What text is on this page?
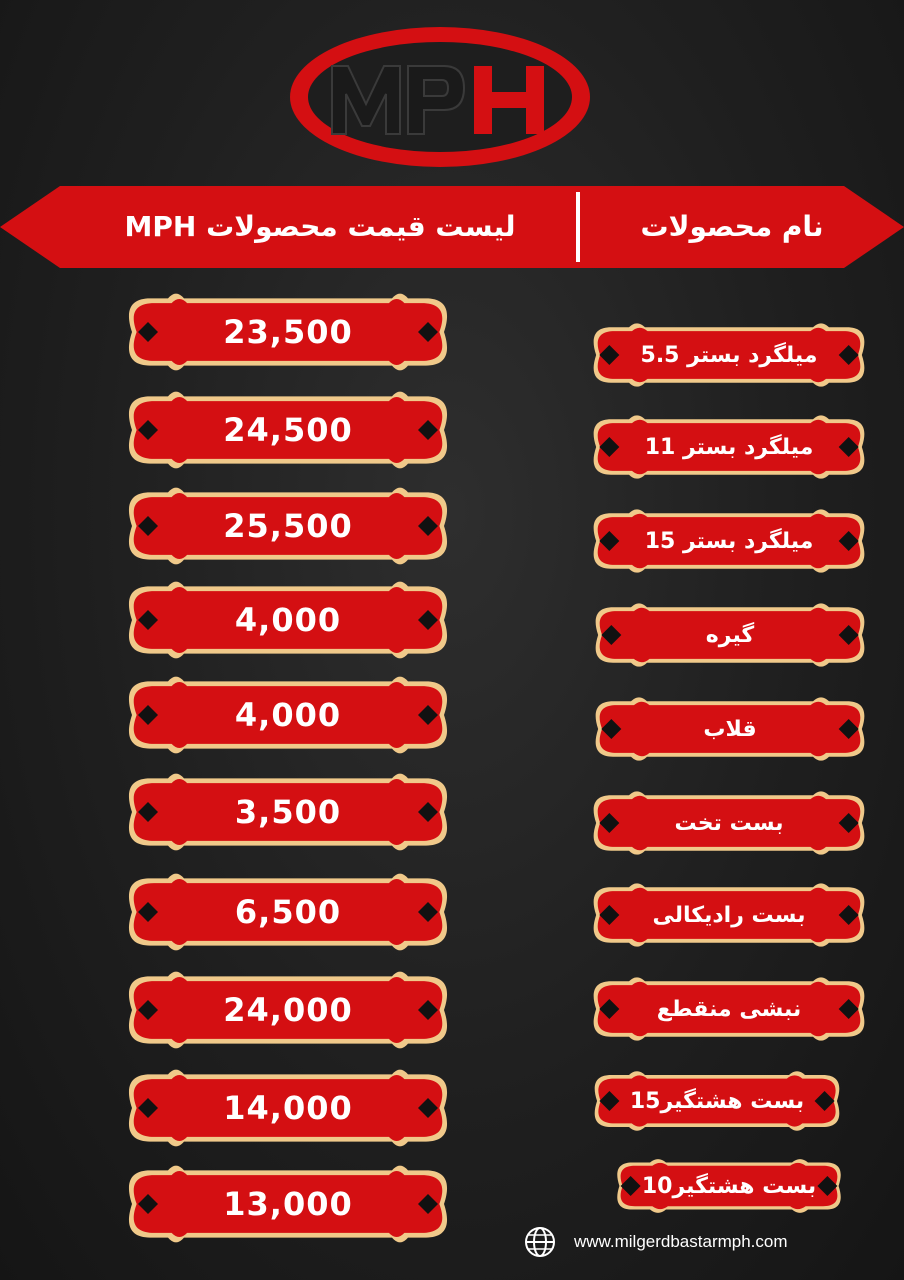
لیست قیمت محصولات MPH	نام محصولات
23,500
24,500
25,500
4,000
4,000
3,500
6,500
24,000
14,000
13,000
میلگرد بستر 5.5
میلگرد بستر 11
میلگرد بستر 15
گیره
قلاب
بست تخت
بست رادیکالی
نبشی منقطع
بست هشتگیر15
بست هشتگیر10
www.milgerdbastarmph.com
